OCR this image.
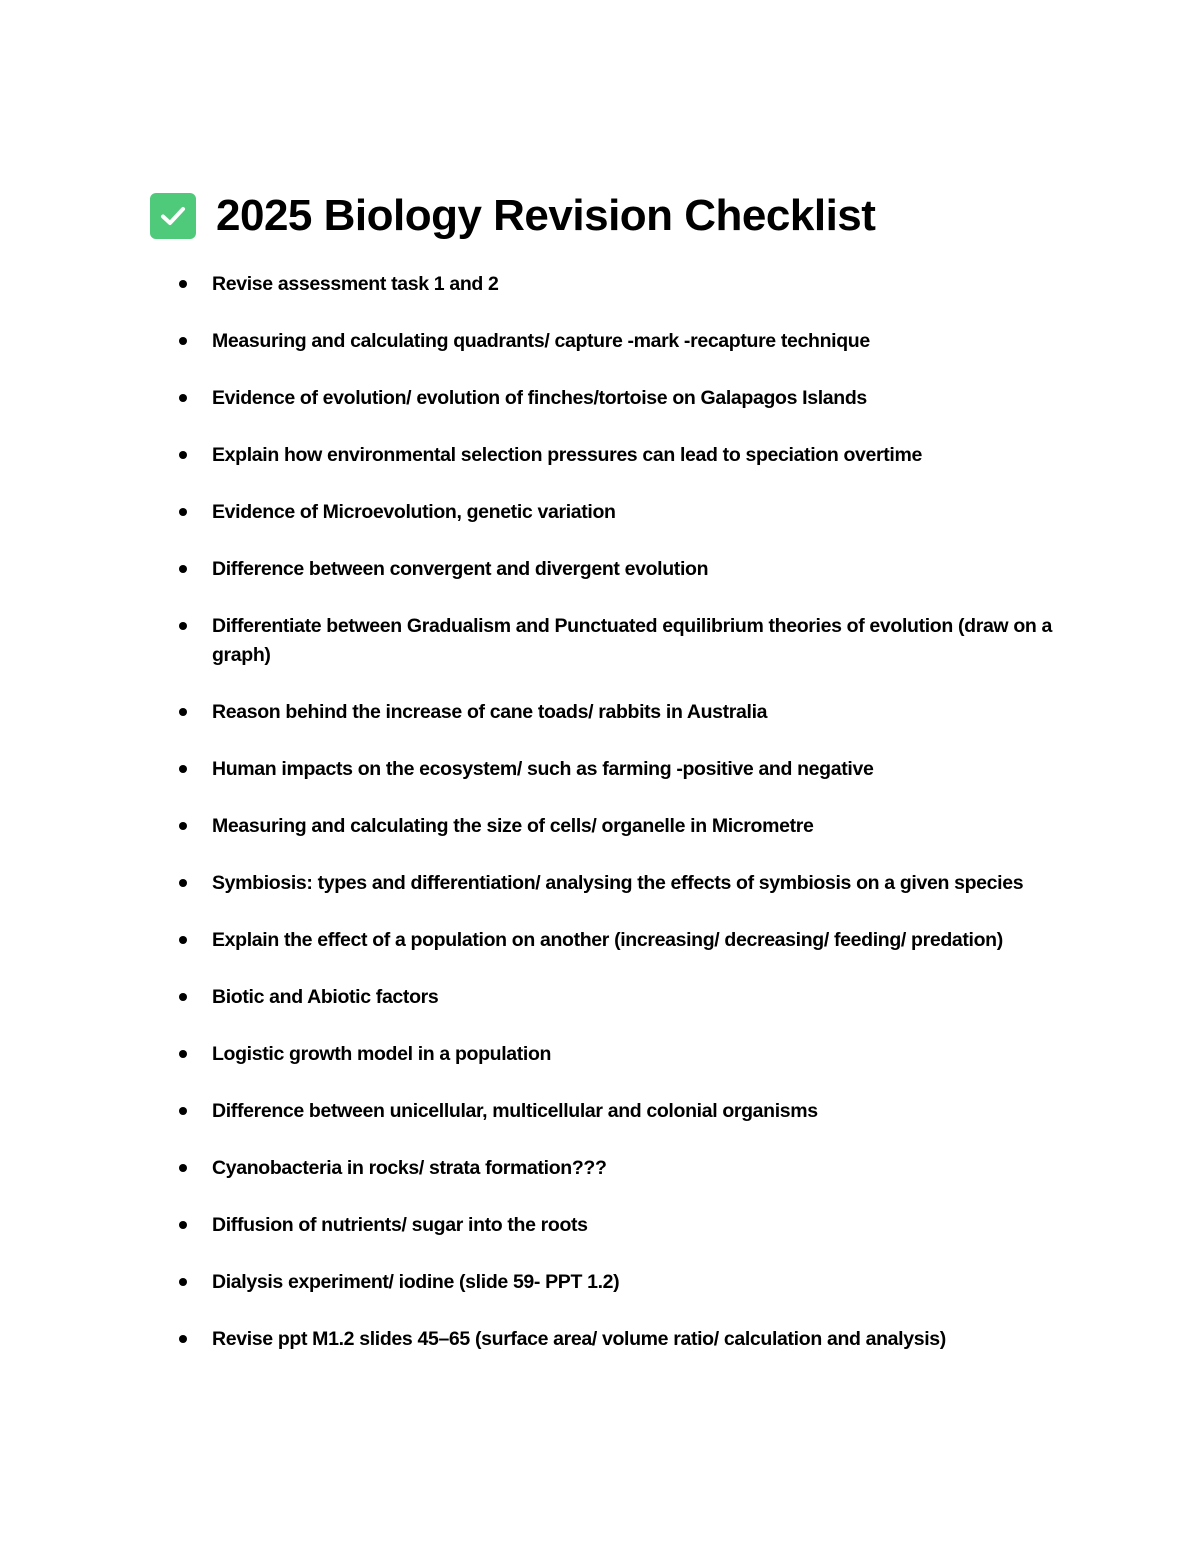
2025 Biology Revision Checklist
Revise assessment task 1 and 2
Measuring and calculating quadrants/ capture -mark -recapture technique
Evidence of evolution/ evolution of finches/tortoise on Galapagos Islands
Explain how environmental selection pressures can lead to speciation overtime
Evidence of Microevolution, genetic variation
Difference between convergent and divergent evolution
Differentiate between Gradualism and Punctuated equilibrium theories of evolution (draw on a graph)
Reason behind the increase of cane toads/ rabbits in Australia
Human impacts on the ecosystem/ such as farming -positive and negative
Measuring and calculating the size of cells/ organelle in Micrometre
Symbiosis: types and differentiation/ analysing the effects of symbiosis on a given species
Explain the effect of a population on another (increasing/ decreasing/ feeding/ predation)
Biotic and Abiotic factors
Logistic growth model in a population
Difference between unicellular, multicellular and colonial organisms
Cyanobacteria in rocks/ strata formation???
Diffusion of nutrients/ sugar into the roots
Dialysis experiment/ iodine (slide 59- PPT 1.2)
Revise ppt M1.2 slides 45–65 (surface area/ volume ratio/ calculation and analysis)
